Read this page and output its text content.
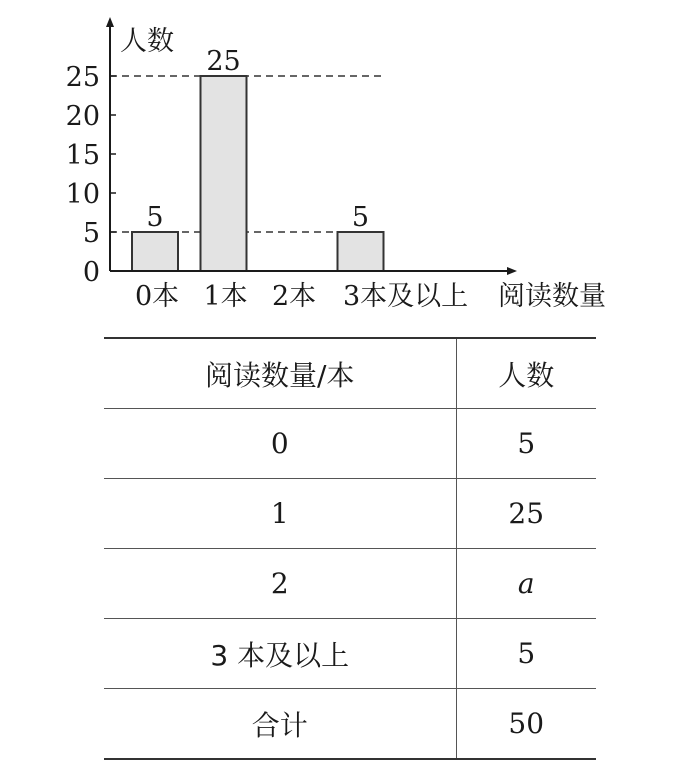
0
5
10
15
20
25
0本 1本 2本 3本及以上
5
25
5
人数
阅读数量
阅读数量/本	人数
0	5
1	25
2	a
3 本及以上	5
合计	50
